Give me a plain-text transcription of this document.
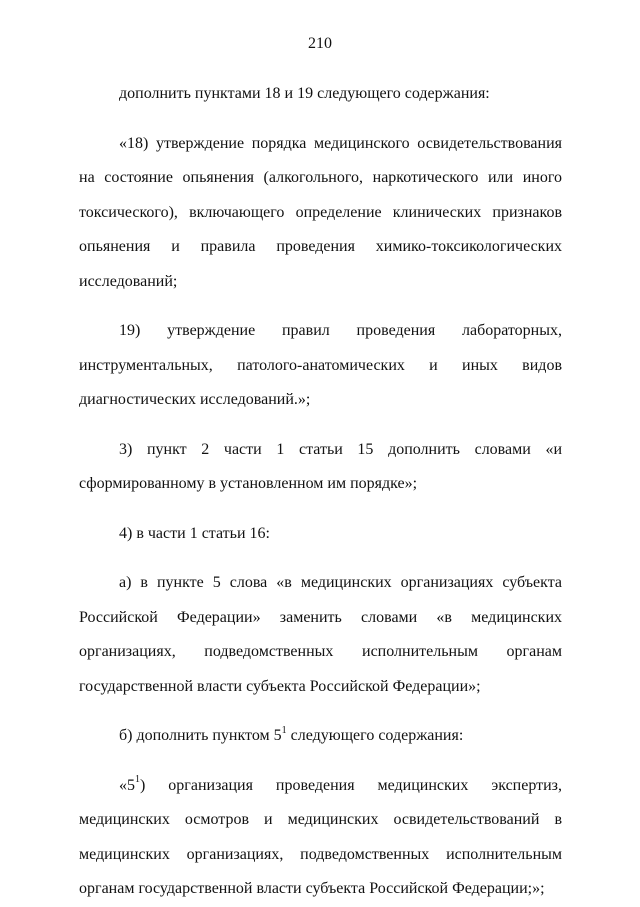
210

дополнить пунктами 18 и 19 следующего содержания:

«18) утверждение порядка медицинского освидетельствования на состояние опьянения (алкогольного, наркотического или иного токсического), включающего определение клинических признаков опьянения и правила проведения химико-токсикологических исследований;

19) утверждение правил проведения лабораторных, инструментальных, патолого-анатомических и иных видов диагностических исследований.»;

3) пункт 2 части 1 статьи 15 дополнить словами «и сформированному в установленном им порядке»;

4) в части 1 статьи 16:

а) в пункте 5 слова «в медицинских организациях субъекта Российской Федерации» заменить словами «в медицинских организациях, подведомственных исполнительным органам государственной власти субъекта Российской Федерации»;

б) дополнить пунктом $5^1$ следующего содержания:

«$5^1$) организация проведения медицинских экспертиз, медицинских осмотров и медицинских освидетельствований в медицинских организациях, подведомственных исполнительным органам государственной власти субъекта Российской Федерации;»;
